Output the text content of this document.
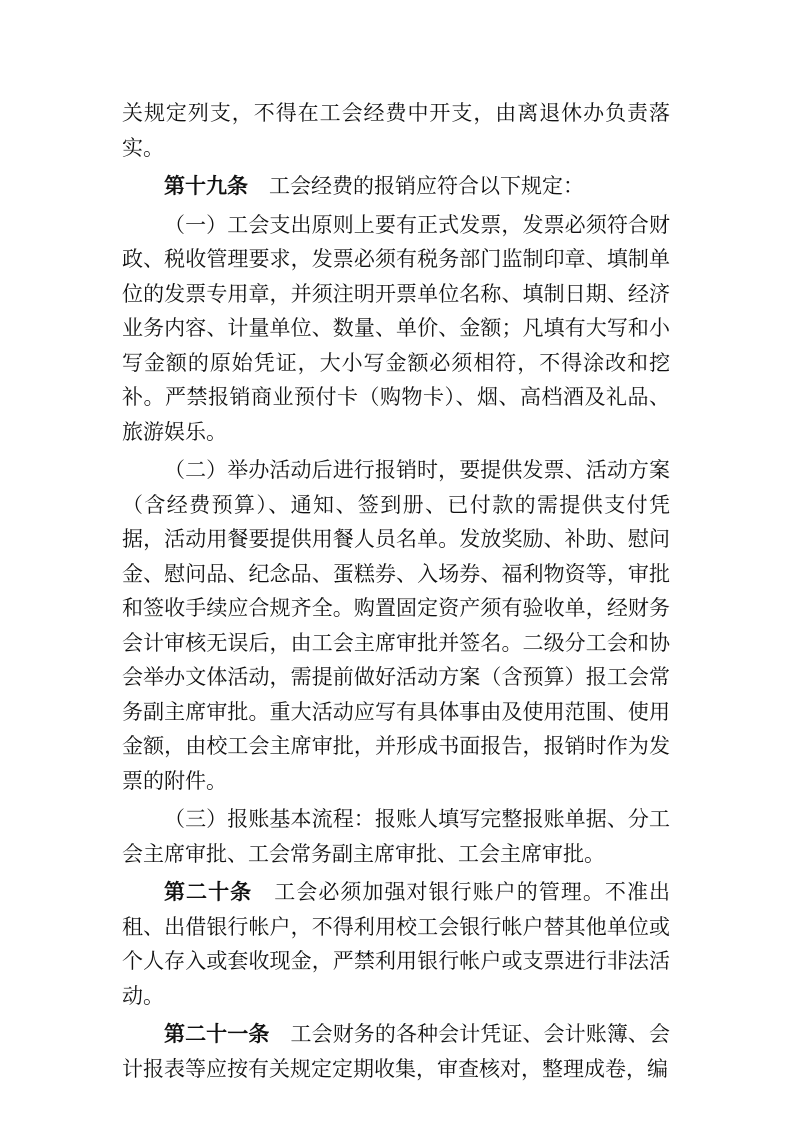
关规定列支，不得在工会经费中开支，由离退休办负责落实。

第十九条 工会经费的报销应符合以下规定：

（一）工会支出原则上要有正式发票，发票必须符合财政、税收管理要求，发票必须有税务部门监制印章、填制单位的发票专用章，并须注明开票单位名称、填制日期、经济业务内容、计量单位、数量、单价、金额；凡填有大写和小写金额的原始凭证，大小写金额必须相符，不得涂改和挖补。严禁报销商业预付卡（购物卡）、烟、高档酒及礼品、旅游娱乐。

（二）举办活动后进行报销时，要提供发票、活动方案（含经费预算）、通知、签到册、已付款的需提供支付凭据，活动用餐要提供用餐人员名单。发放奖励、补助、慰问金、慰问品、纪念品、蛋糕券、入场券、福利物资等，审批和签收手续应合规齐全。购置固定资产须有验收单，经财务会计审核无误后，由工会主席审批并签名。二级分工会和协会举办文体活动，需提前做好活动方案（含预算）报工会常务副主席审批。重大活动应写有具体事由及使用范围、使用金额，由校工会主席审批，并形成书面报告，报销时作为发票的附件。

（三）报账基本流程：报账人填写完整报账单据、分工会主席审批、工会常务副主席审批、工会主席审批。

第二十条 工会必须加强对银行账户的管理。不准出租、出借银行帐户，不得利用校工会银行帐户替其他单位或个人存入或套收现金，严禁利用银行帐户或支票进行非法活动。

第二十一条 工会财务的各种会计凭证、会计账簿、会计报表等应按有关规定定期收集，审查核对，整理成卷，编
